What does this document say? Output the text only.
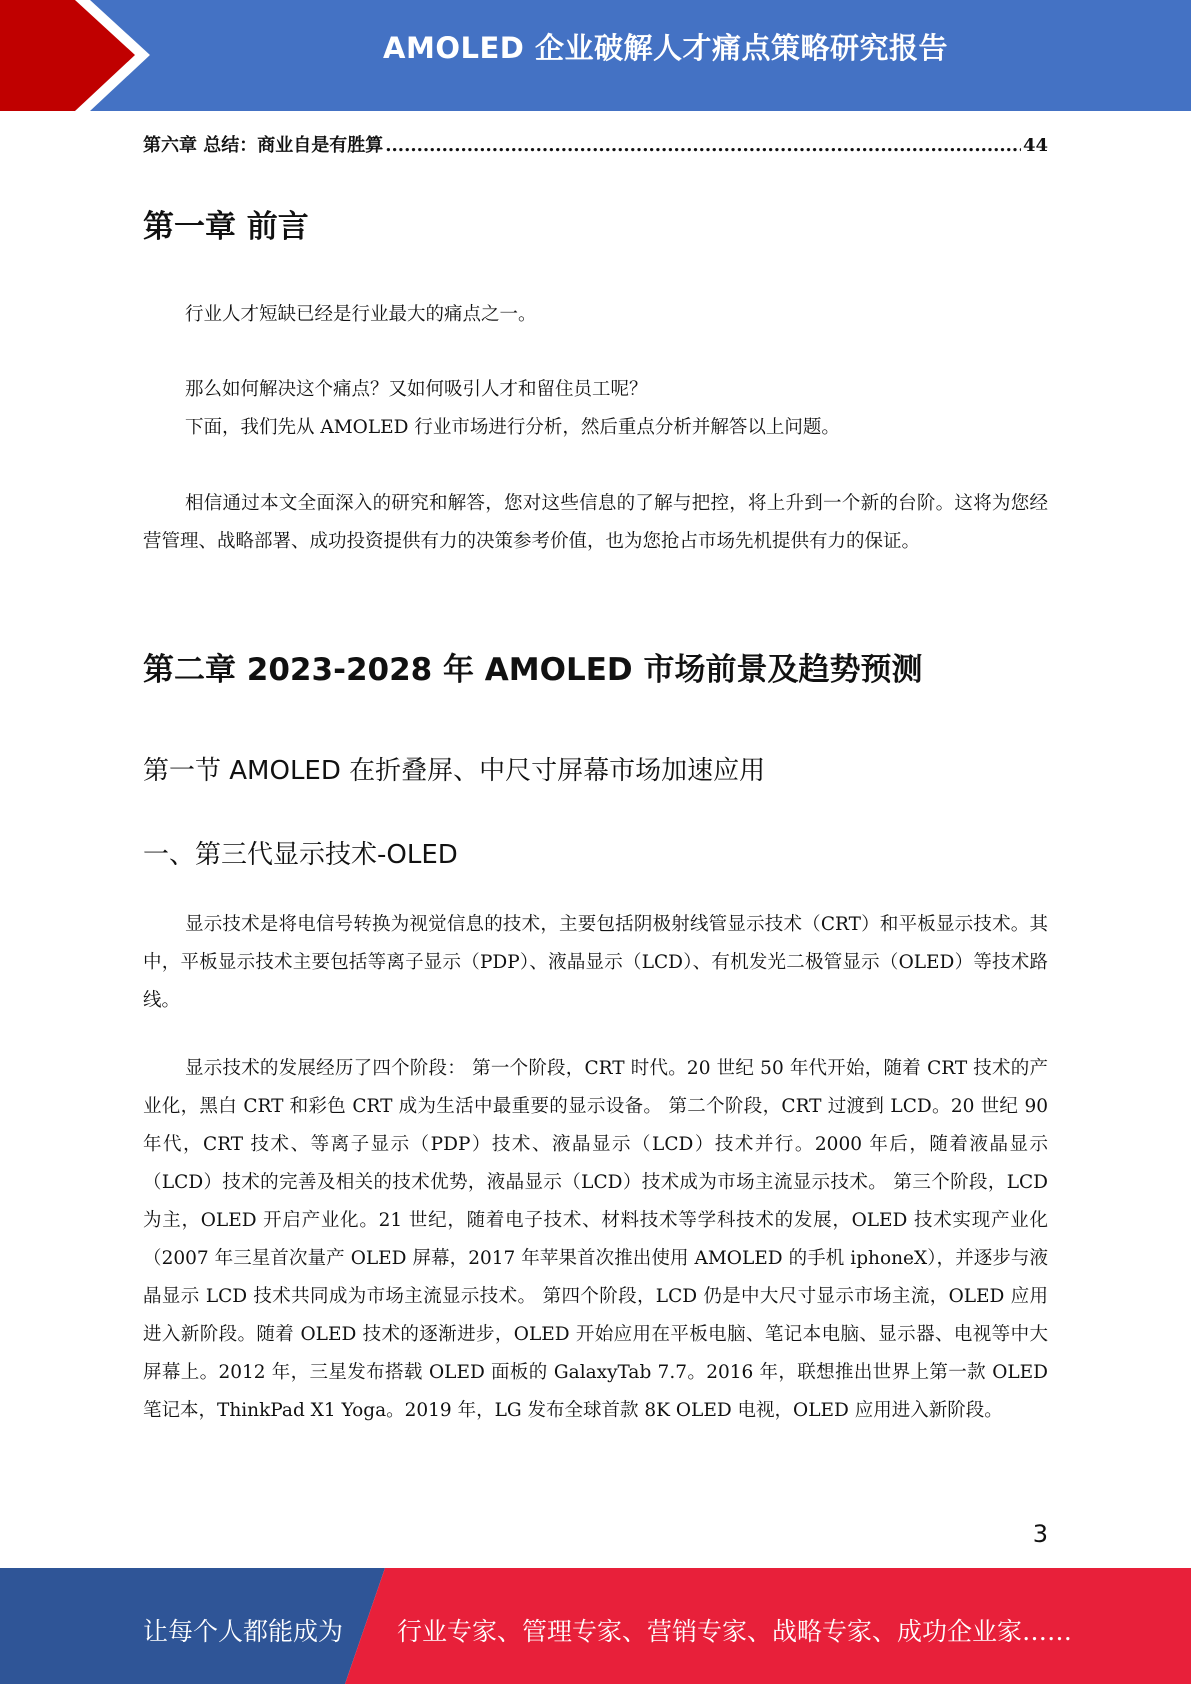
AMOLED 企业破解人才痛点策略研究报告
第六章 总结：商业自是有胜算
.....	44
第一章 前言

行业人才短缺已经是行业最大的痛点之一。

那么如何解决这个痛点？又如何吸引人才和留住员工呢？

下面，我们先从 AMOLED 行业市场进行分析，然后重点分析并解答以上问题。

相信通过本文全面深入的研究和解答，您对这些信息的了解与把控，将上升到一个新的台阶。这将为您经营管理、战略部署、成功投资提供有力的决策参考价值，也为您抢占市场先机提供有力的保证。

第二章 2023-2028 年 AMOLED 市场前景及趋势预测
第一节 AMOLED 在折叠屏、中尺寸屏幕市场加速应用
一、第三代显示技术-OLED

显示技术是将电信号转换为视觉信息的技术，主要包括阴极射线管显示技术（CRT）和平板显示技术。其中，平板显示技术主要包括等离子显示（PDP）、液晶显示（LCD）、有机发光二极管显示（OLED）等技术路线。

显示技术的发展经历了四个阶段： 第一个阶段，CRT 时代。20 世纪 50 年代开始，随着 CRT 技术的产业化，黑白 CRT 和彩色 CRT 成为生活中最重要的显示设备。 第二个阶段，CRT 过渡到 LCD。20 世纪 90 年代，CRT 技术、等离子显示（PDP）技术、液晶显示（LCD）技术并行。2000 年后，随着液晶显示（LCD）技术的完善及相关的技术优势，液晶显示（LCD）技术成为市场主流显示技术。 第三个阶段，LCD 为主，OLED 开启产业化。21 世纪，随着电子技术、材料技术等学科技术的发展，OLED 技术实现产业化（2007 年三星首次量产 OLED 屏幕，2017 年苹果首次推出使用 AMOLED 的手机 iphoneX），并逐步与液晶显示 LCD 技术共同成为市场主流显示技术。 第四个阶段，LCD 仍是中大尺寸显示市场主流，OLED 应用进入新阶段。随着 OLED 技术的逐渐进步，OLED 开始应用在平板电脑、笔记本电脑、显示器、电视等中大屏幕上。2012 年，三星发布搭载 OLED 面板的 GalaxyTab 7.7。2016 年，联想推出世界上第一款 OLED 笔记本，ThinkPad X1 Yoga。2019 年，LG 发布全球首款 8K OLED 电视，OLED 应用进入新阶段。

3
让每个人都能成为 行业专家、管理专家、营销专家、战略专家、成功企业家……
